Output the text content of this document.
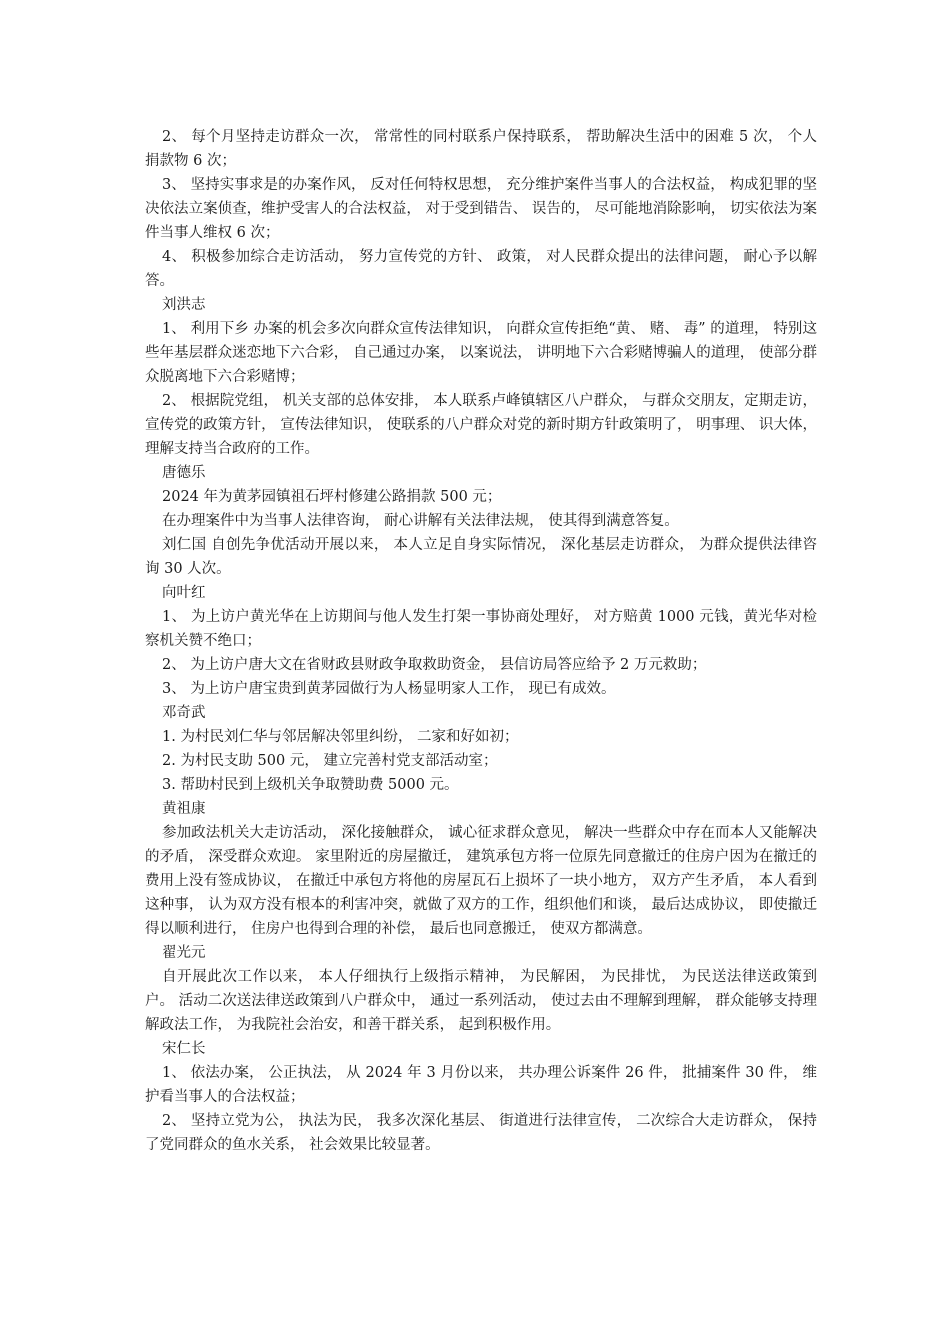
2、 每个月坚持走访群众一次， 常常性的同村联系户保持联系， 帮助解决生活中的困难 5 次， 个人捐款物 6 次；

3、 坚持实事求是的办案作风， 反对任何特权思想， 充分维护案件当事人的合法权益， 构成犯罪的坚决依法立案侦查，维护受害人的合法权益， 对于受到错告、 误告的， 尽可能地消除影响， 切实依法为案件当事人维权 6 次；

4、 积极参加综合走访活动， 努力宣传党的方针、 政策， 对人民群众提出的法律问题， 耐心予以解答。

刘洪志

1、 利用下乡 办案的机会多次向群众宣传法律知识， 向群众宣传拒绝“黄、 赌、 毒” 的道理， 特别这些年基层群众迷恋地下六合彩， 自己通过办案， 以案说法， 讲明地下六合彩赌博骗人的道理， 使部分群众脱离地下六合彩赌博；

2、 根据院党组， 机关支部的总体安排， 本人联系卢峰镇辖区八户群众， 与群众交朋友，定期走访， 宣传党的政策方针， 宣传法律知识， 使联系的八户群众对党的新时期方针政策明了， 明事理、 识大体， 理解支持当合政府的工作。

唐德乐

2024 年为黄茅园镇祖石坪村修建公路捐款 500 元；

在办理案件中为当事人法律咨询， 耐心讲解有关法律法规， 使其得到满意答复。

刘仁国 自创先争优活动开展以来， 本人立足自身实际情况， 深化基层走访群众， 为群众提供法律咨询 30 人次。

向叶红

1、 为上访户黄光华在上访期间与他人发生打架一事协商处理好， 对方赔黄 1000 元钱，黄光华对检察机关赞不绝口；

2、 为上访户唐大文在省财政县财政争取救助资金， 县信访局答应给予 2 万元救助；

3、 为上访户唐宝贵到黄茅园做行为人杨显明家人工作， 现已有成效。

邓奇武

1. 为村民刘仁华与邻居解决邻里纠纷， 二家和好如初；

2. 为村民支助 500 元， 建立完善村党支部活动室；

3. 帮助村民到上级机关争取赞助费 5000 元。

黄祖康

参加政法机关大走访活动， 深化接触群众， 诚心征求群众意见， 解决一些群众中存在而本人又能解决的矛盾， 深受群众欢迎。 家里附近的房屋撤迁， 建筑承包方将一位原先同意撤迁的住房户因为在撤迁的费用上没有签成协议， 在撤迁中承包方将他的房屋瓦石上损坏了一块小地方， 双方产生矛盾， 本人看到这种事， 认为双方没有根本的利害冲突，就做了双方的工作，组织他们和谈， 最后达成协议， 即使撤迁得以顺利进行， 住房户也得到合理的补偿， 最后也同意搬迁， 使双方都满意。

翟光元

自开展此次工作以来， 本人仔细执行上级指示精神， 为民解困， 为民排忧， 为民送法律送政策到户。 活动二次送法律送政策到八户群众中， 通过一系列活动， 使过去由不理解到理解， 群众能够支持理解政法工作， 为我院社会治安，和善干群关系， 起到积极作用。

宋仁长

1、 依法办案， 公正执法， 从 2024 年 3 月份以来， 共办理公诉案件 26 件， 批捕案件 30 件， 维护看当事人的合法权益；

2、 坚持立党为公， 执法为民， 我多次深化基层、 街道进行法律宣传， 二次综合大走访群众， 保持了党同群众的鱼水关系， 社会效果比较显著。
